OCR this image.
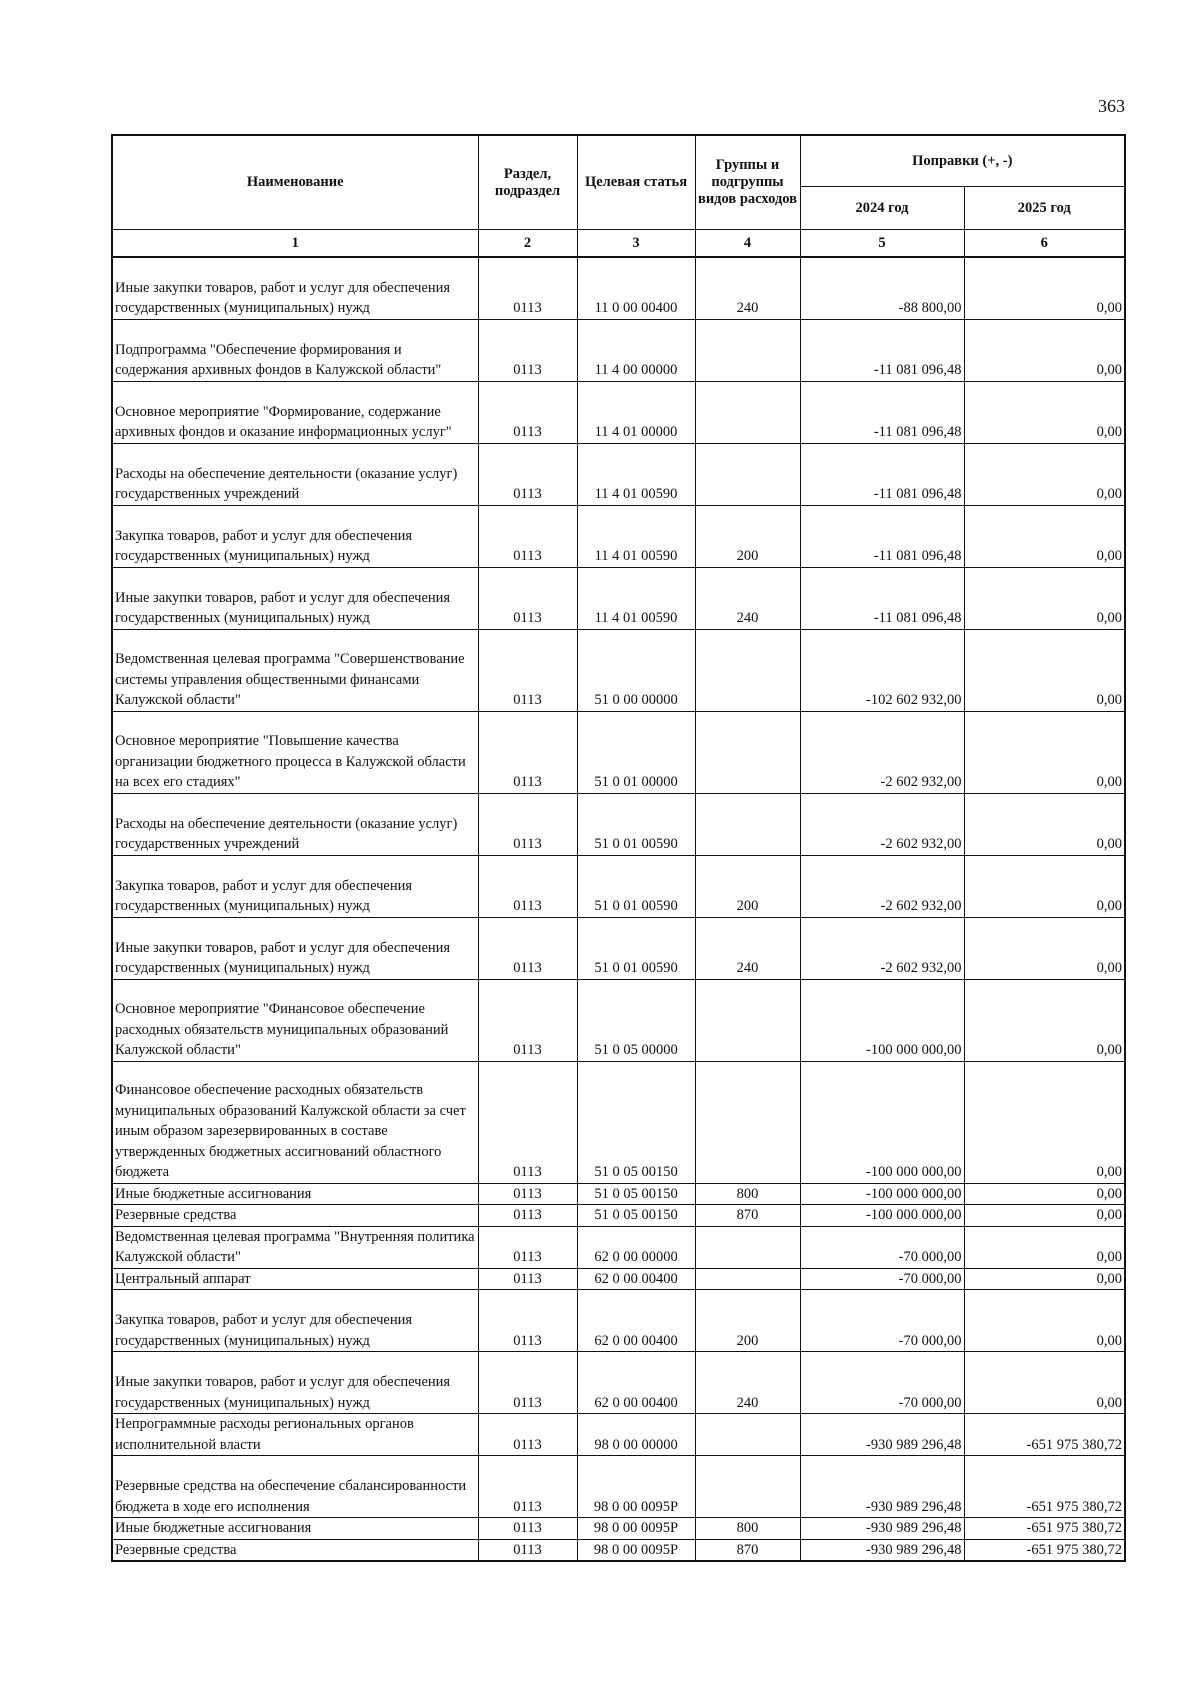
363
Наименование	Раздел, подраздел	Целевая статья	Группы и подгруппы видов расходов	Поправки (+, -)	
				2024 год	2025 год
1	2	3	4	5	6
Иные закупки товаров, работ и услуг для обеспечения государственных (муниципальных) нужд	0113	11 0 00 00400	240	-88 800,00	0,00
Подпрограмма "Обеспечение формирования и содержания архивных фондов в Калужской области"	0113	11 4 00 00000		-11 081 096,48	0,00
Основное мероприятие "Формирование, содержание архивных фондов и оказание информационных услуг"	0113	11 4 01 00000		-11 081 096,48	0,00
Расходы на обеспечение деятельности (оказание услуг) государственных учреждений	0113	11 4 01 00590		-11 081 096,48	0,00
Закупка товаров, работ и услуг для обеспечения государственных (муниципальных) нужд	0113	11 4 01 00590	200	-11 081 096,48	0,00
Иные закупки товаров, работ и услуг для обеспечения государственных (муниципальных) нужд	0113	11 4 01 00590	240	-11 081 096,48	0,00
Ведомственная целевая программа "Совершенствование системы управления общественными финансами Калужской области"	0113	51 0 00 00000		-102 602 932,00	0,00
Основное мероприятие "Повышение качества организации бюджетного процесса в Калужской области на всех его стадиях"	0113	51 0 01 00000		-2 602 932,00	0,00
Расходы на обеспечение деятельности (оказание услуг) государственных учреждений	0113	51 0 01 00590		-2 602 932,00	0,00
Закупка товаров, работ и услуг для обеспечения государственных (муниципальных) нужд	0113	51 0 01 00590	200	-2 602 932,00	0,00
Иные закупки товаров, работ и услуг для обеспечения государственных (муниципальных) нужд	0113	51 0 01 00590	240	-2 602 932,00	0,00
Основное мероприятие "Финансовое обеспечение расходных обязательств муниципальных образований Калужской области"	0113	51 0 05 00000		-100 000 000,00	0,00
Финансовое обеспечение расходных обязательств муниципальных образований Калужской области за счет иным образом зарезервированных в составе утвержденных бюджетных ассигнований областного бюджета	0113	51 0 05 00150		-100 000 000,00	0,00
Иные бюджетные ассигнования	0113	51 0 05 00150	800	-100 000 000,00	0,00
Резервные средства	0113	51 0 05 00150	870	-100 000 000,00	0,00
Ведомственная целевая программа "Внутренняя политика Калужской области"	0113	62 0 00 00000		-70 000,00	0,00
Центральный аппарат	0113	62 0 00 00400		-70 000,00	0,00
Закупка товаров, работ и услуг для обеспечения государственных (муниципальных) нужд	0113	62 0 00 00400	200	-70 000,00	0,00
Иные закупки товаров, работ и услуг для обеспечения государственных (муниципальных) нужд	0113	62 0 00 00400	240	-70 000,00	0,00
Непрограммные расходы региональных органов исполнительной власти	0113	98 0 00 00000		-930 989 296,48	-651 975 380,72
Резервные средства на обеспечение сбалансированности бюджета в ходе его исполнения	0113	98 0 00 0095Р		-930 989 296,48	-651 975 380,72
Иные бюджетные ассигнования	0113	98 0 00 0095Р	800	-930 989 296,48	-651 975 380,72
Резервные средства	0113	98 0 00 0095Р	870	-930 989 296,48	-651 975 380,72
